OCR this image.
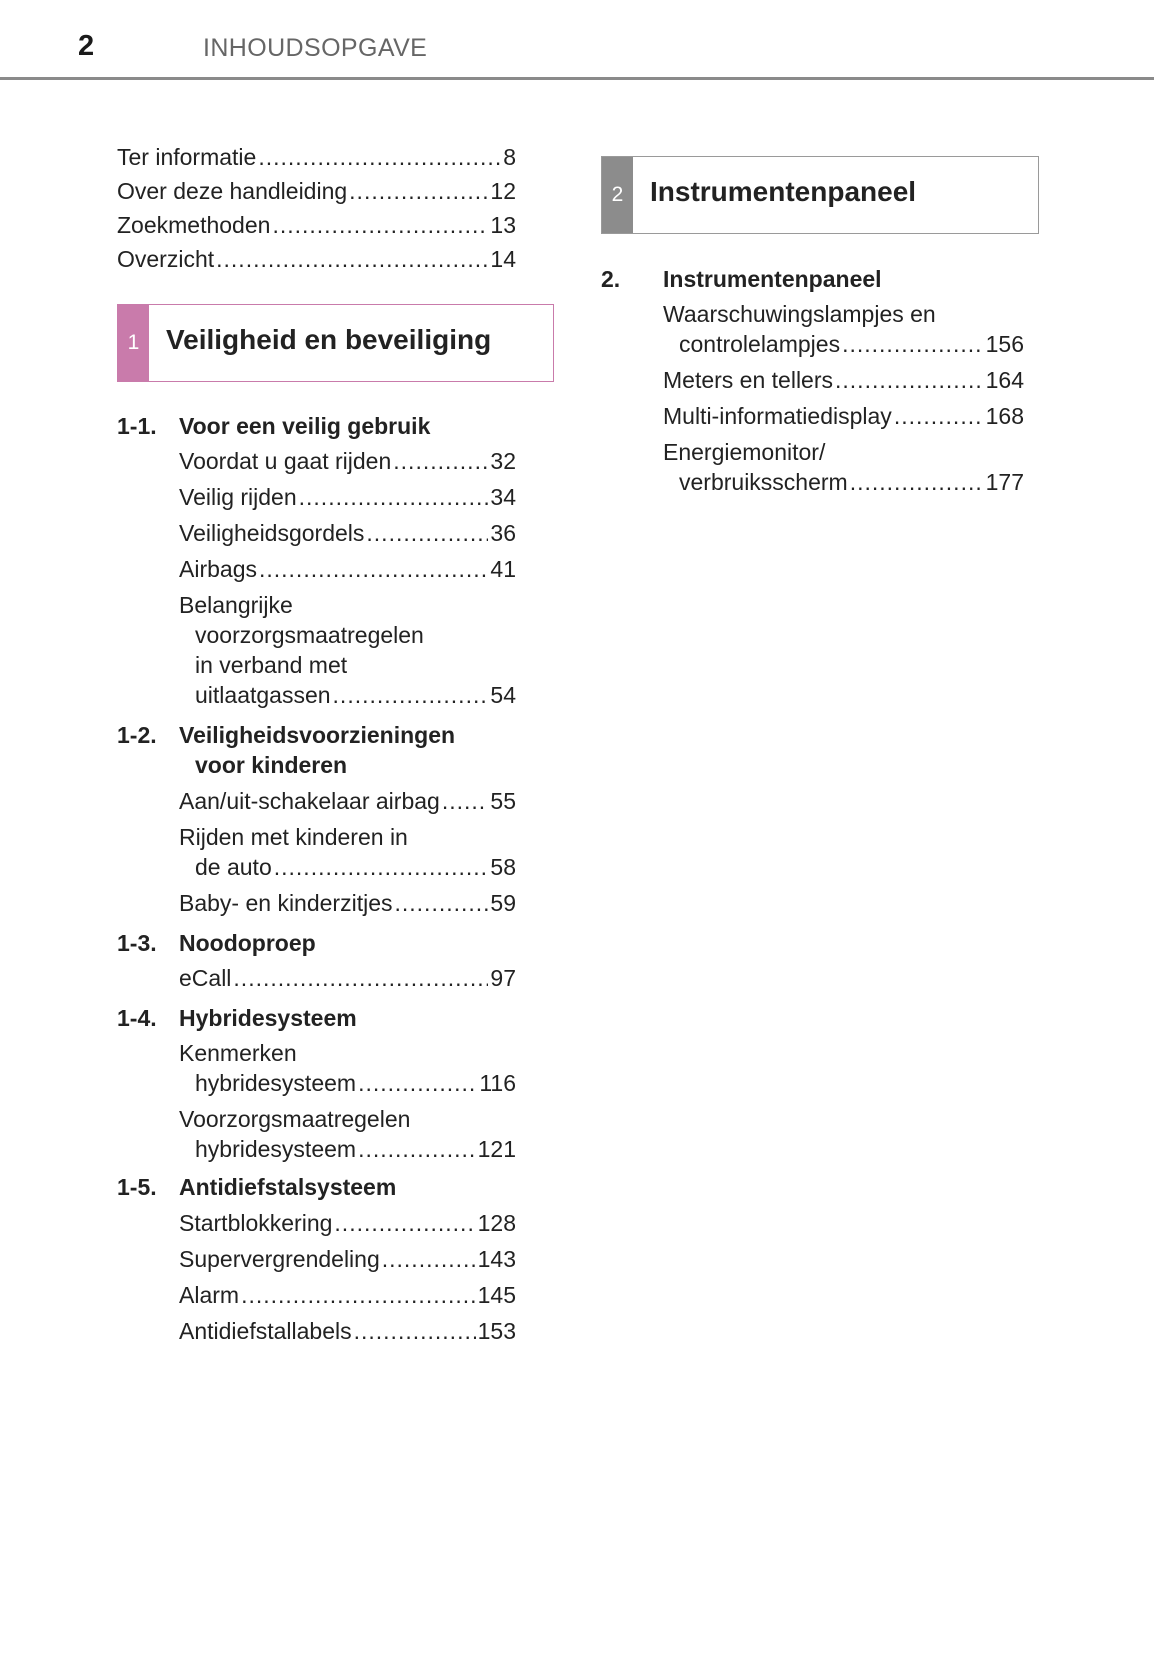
2	INHOUDSOPGAVE
Ter informatie .....	8
Over deze handleiding .....	12
Zoekmethoden .....	13
Overzicht .....	14
1 Veiligheid en beveiliging
1-1. Voor een veilig gebruik
Voordat u gaat rijden .....	32
Veilig rijden .....	34
Veiligheidsgordels .....	36
Airbags .....	41
Belangrijke
voorzorgsmaatregelen
in verband met
uitlaatgassen .....	54
1-2. Veiligheidsvoorzieningen
voor kinderen
Aan/uit-schakelaar airbag ..... 55
Rijden met kinderen in
de auto .....	58
Baby- en kinderzitjes .....	59
1-3. Noodoproep
eCall .....	97
1-4. Hybridesysteem
Kenmerken
hybridesysteem .....	116
Voorzorgsmaatregelen
hybridesysteem .....	121
1-5. Antidiefstalsysteem
Startblokkering .....	128
Supervergrendeling .....	143
Alarm .....	145
Antidiefstallabels .....	153
2 Instrumentenpaneel
2. Instrumentenpaneel
Waarschuwingslampjes en
controlelampjes .....	156
Meters en tellers .....	164
Multi-informatiedisplay .....	168
Energiemonitor/
verbruiksscherm .....	177
